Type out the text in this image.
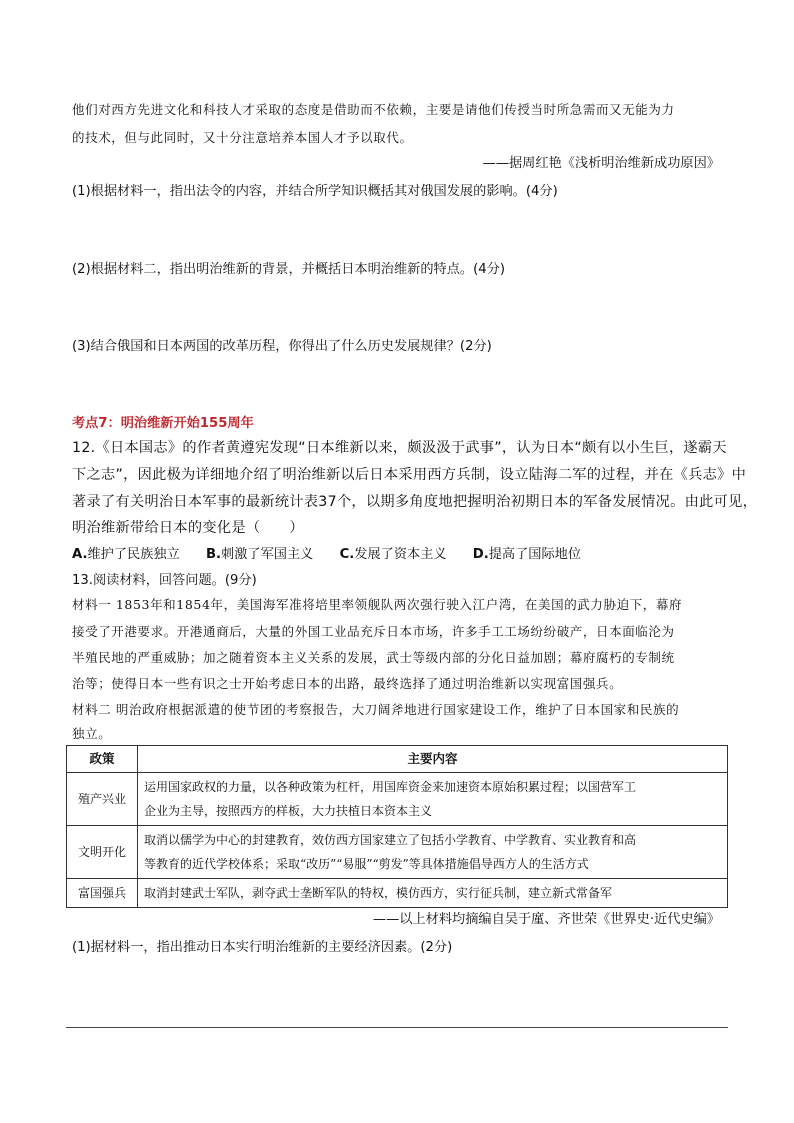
他们对西方先进文化和科技人才采取的态度是借助而不依赖，主要是请他们传授当时所急需而又无能为力
的技术，但与此同时，又十分注意培养本国人才予以取代。
——据周红艳《浅析明治维新成功原因》
(1)根据材料一，指出法令的内容，并结合所学知识概括其对俄国发展的影响。(4分)
(2)根据材料二，指出明治维新的背景，并概括日本明治维新的特点。(4分)
(3)结合俄国和日本两国的改革历程，你得出了什么历史发展规律？(2分)
考点7：明治维新开始155周年
12.《日本国志》的作者黄遵宪发现“日本维新以来，颇汲汲于武事”，认为日本“颇有以小生巨，遂霸天
下之志”，因此极为详细地介绍了明治维新以后日本采用西方兵制，设立陆海二军的过程，并在《兵志》中
著录了有关明治日本军事的最新统计表37个，以期多角度地把握明治初期日本的军备发展情况。由此可见，
明治维新带给日本的变化是（　　）
A.维护了民族独立 B.刺激了军国主义 C.发展了资本主义 D.提高了国际地位
13.阅读材料，回答问题。(9分)
材料一 1853年和1854年，美国海军准将培里率领舰队两次强行驶入江户湾，在美国的武力胁迫下，幕府
接受了开港要求。开港通商后，大量的外国工业品充斥日本市场，许多手工工场纷纷破产，日本面临沦为
半殖民地的严重威胁；加之随着资本主义关系的发展，武士等级内部的分化日益加剧；幕府腐朽的专制统
治等；使得日本一些有识之士开始考虑日本的出路，最终选择了通过明治维新以实现富国强兵。
材料二 明治政府根据派遣的使节团的考察报告，大刀阔斧地进行国家建设工作，维护了日本国家和民族的
独立。
政策	主要内容
殖产兴业	运用国家政权的力量，以各种政策为杠杆，用国库资金来加速资本原始积累过程；以国营军工
企业为主导，按照西方的样板，大力扶植日本资本主义

文明开化	取消以儒学为中心的封建教育，效仿西方国家建立了包括小学教育、中学教育、实业教育和高
等教育的近代学校体系；采取“改历”“易服”“剪发”等具体措施倡导西方人的生活方式

富国强兵	取消封建武士军队，剥夺武士垄断军队的特权，模仿西方，实行征兵制，建立新式常备军
——以上材料均摘编自吴于廑、齐世荣《世界史·近代史编》
(1)据材料一，指出推动日本实行明治维新的主要经济因素。(2分)
